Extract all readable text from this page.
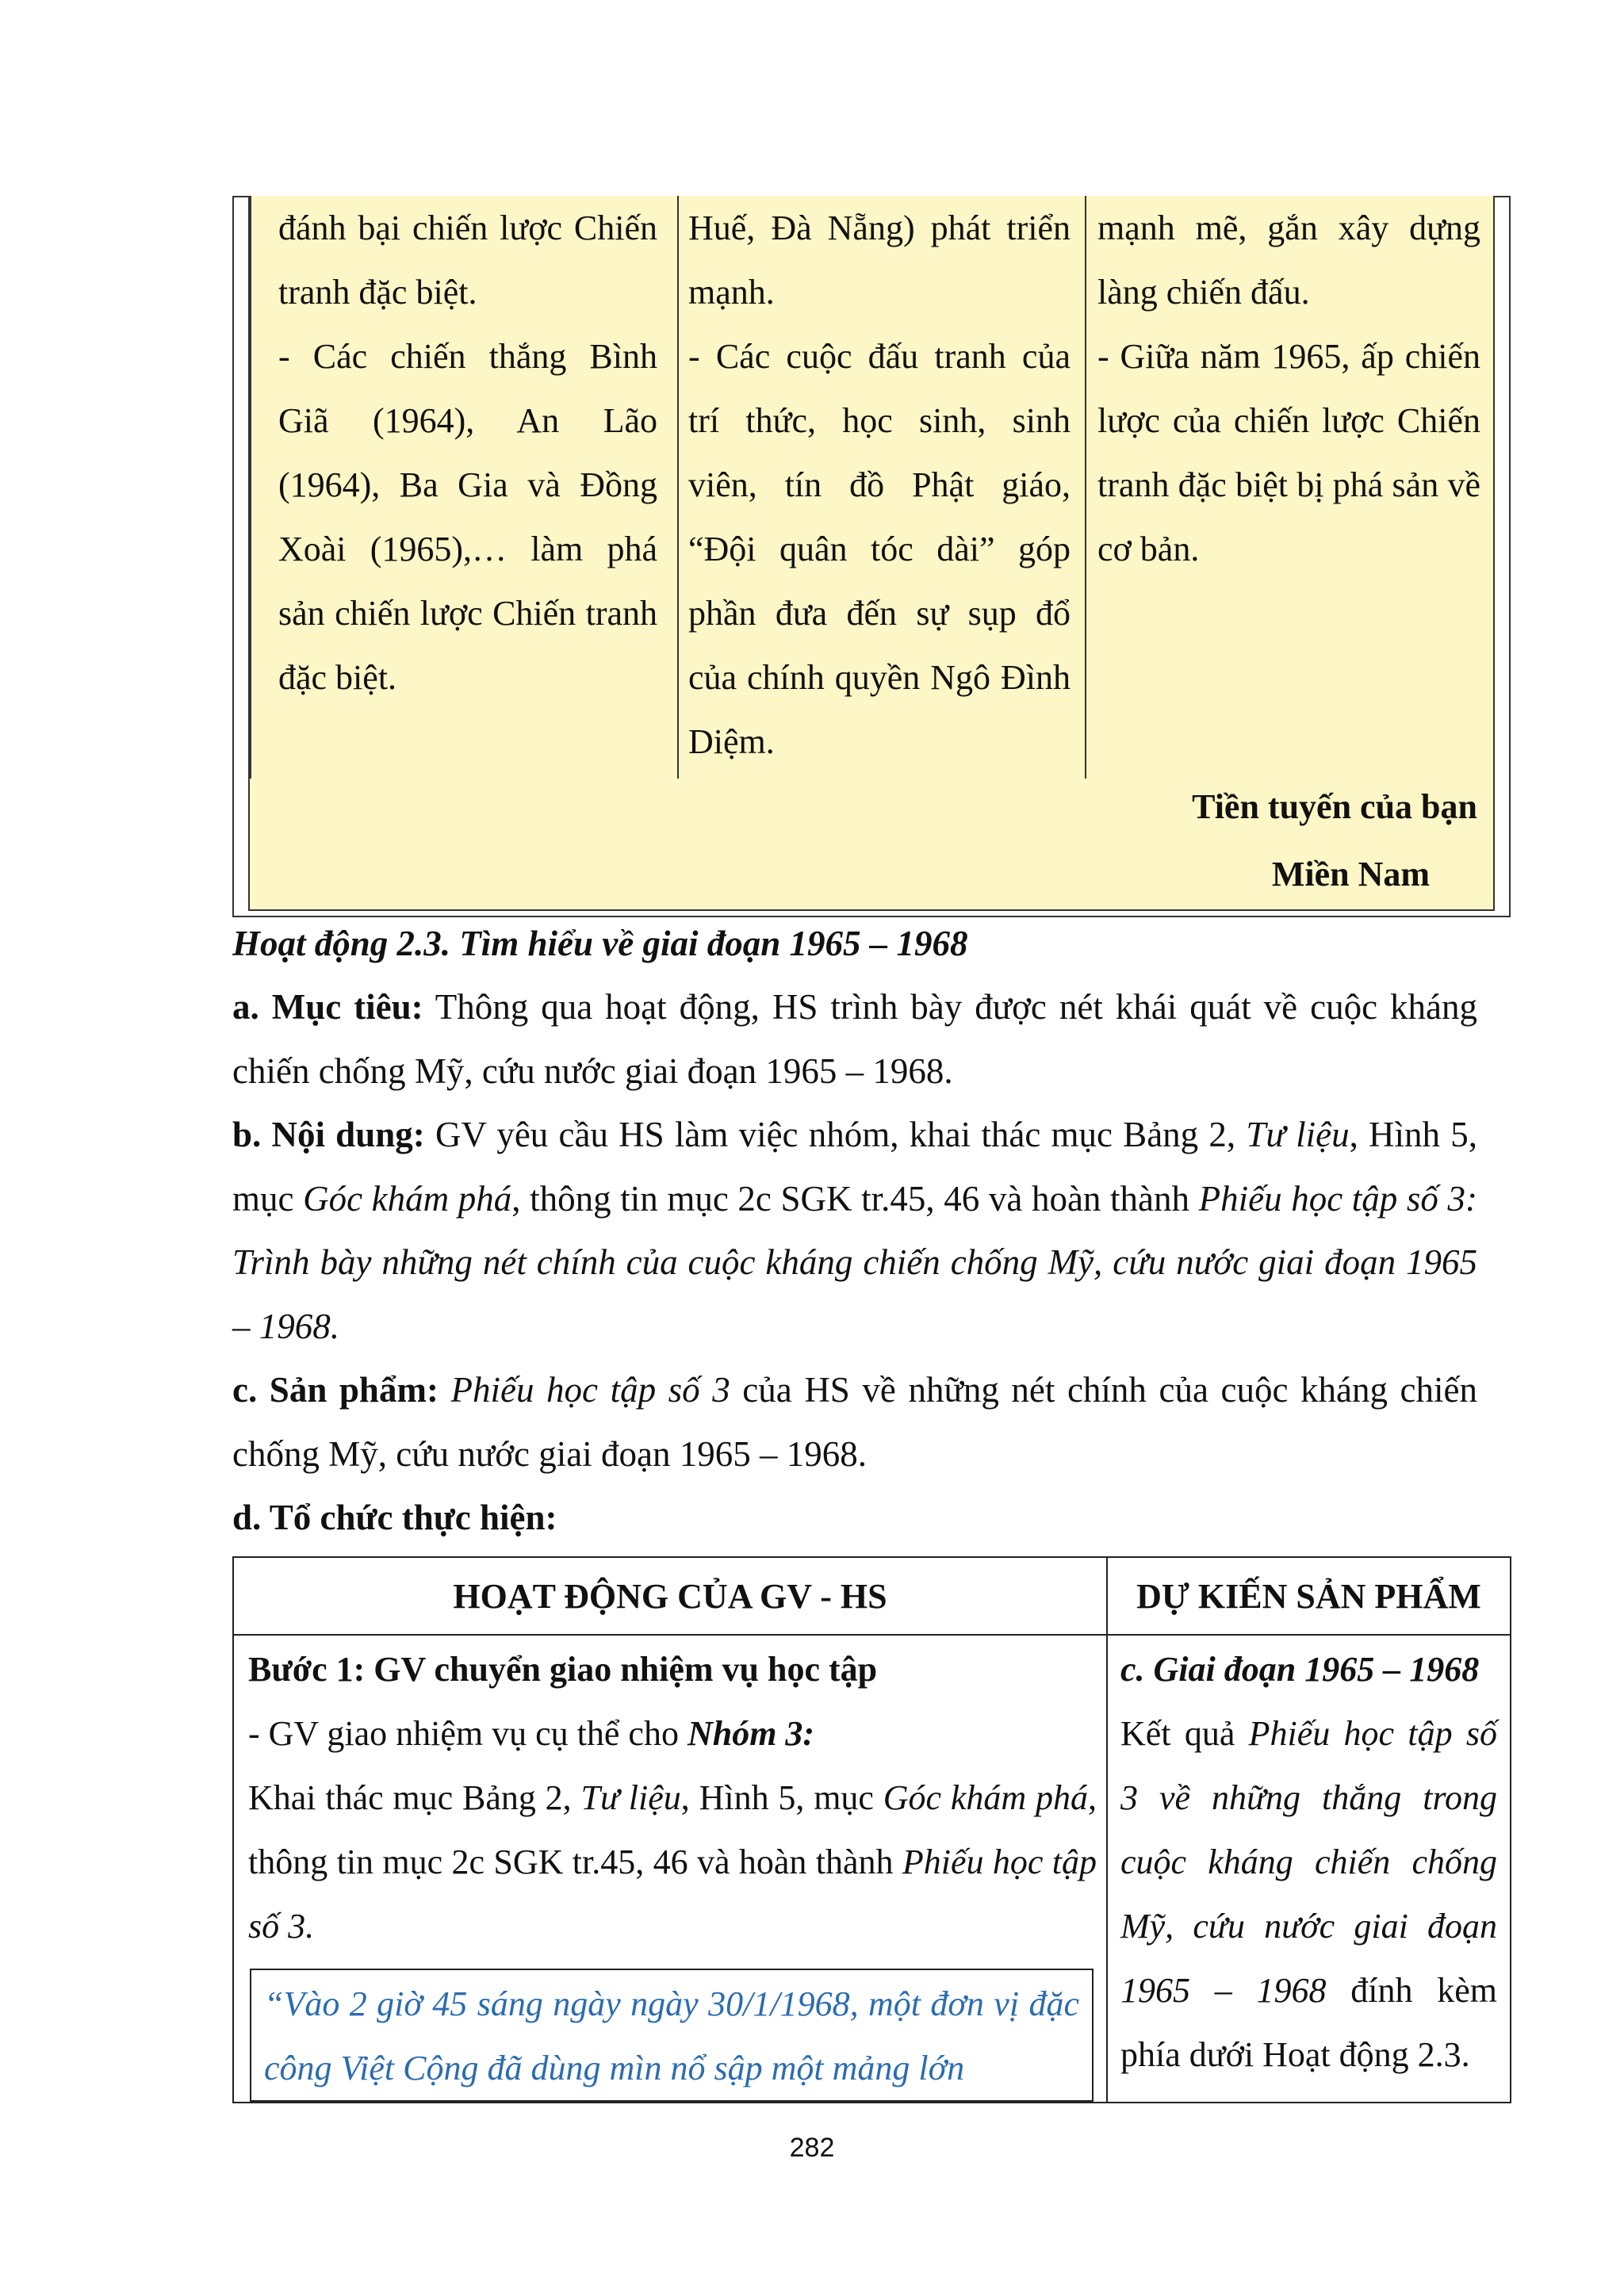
đánh bại chiến lược Chiến tranh đặc biệt.

- Các chiến thắng Bình Giã (1964), An Lão (1964), Ba Gia và Đồng Xoài (1965),… làm phá sản chiến lược Chiến tranh đặc biệt.

Huế, Đà Nẵng) phát triển mạnh.

- Các cuộc đấu tranh của trí thức, học sinh, sinh viên, tín đồ Phật giáo, “Đội quân tóc dài” góp phần đưa đến sự sụp đổ của chính quyền Ngô Đình Diệm.

mạnh mẽ, gắn xây dựng làng chiến đấu.

- Giữa năm 1965, ấp chiến lược của chiến lược Chiến tranh đặc biệt bị phá sản về cơ bản.

Tiền tuyến của bạn
Miền Nam
Hoạt động 2.3. Tìm hiểu về giai đoạn 1965 – 1968

a. Mục tiêu: Thông qua hoạt động, HS trình bày được nét khái quát về cuộc kháng chiến chống Mỹ, cứu nước giai đoạn 1965 – 1968.

b. Nội dung: GV yêu cầu HS làm việc nhóm, khai thác mục Bảng 2, Tư liệu, Hình 5, mục Góc khám phá, thông tin mục 2c SGK tr.45, 46 và hoàn thành Phiếu học tập số 3: Trình bày những nét chính của cuộc kháng chiến chống Mỹ, cứu nước giai đoạn 1965 – 1968.

c. Sản phẩm: Phiếu học tập số 3 của HS về những nét chính của cuộc kháng chiến chống Mỹ, cứu nước giai đoạn 1965 – 1968.

d. Tổ chức thực hiện:

HOẠT ĐỘNG CỦA GV - HS	DỰ KIẾN SẢN PHẨM

Bước 1: GV chuyển giao nhiệm vụ học tập

- GV giao nhiệm vụ cụ thể cho Nhóm 3:

Khai thác mục Bảng 2, Tư liệu, Hình 5, mục Góc khám phá, thông tin mục 2c SGK tr.45, 46 và hoàn thành Phiếu học tập số 3.

“Vào 2 giờ 45 sáng ngày ngày 30/1/1968, một đơn vị đặc công Việt Cộng đã dùng mìn nổ sập một mảng lớn

c. Giai đoạn 1965 – 1968

Kết quả Phiếu học tập số 3 về những thắng trong cuộc kháng chiến chống Mỹ, cứu nước giai đoạn 1965 – 1968 đính kèm phía dưới Hoạt động 2.3.

282
